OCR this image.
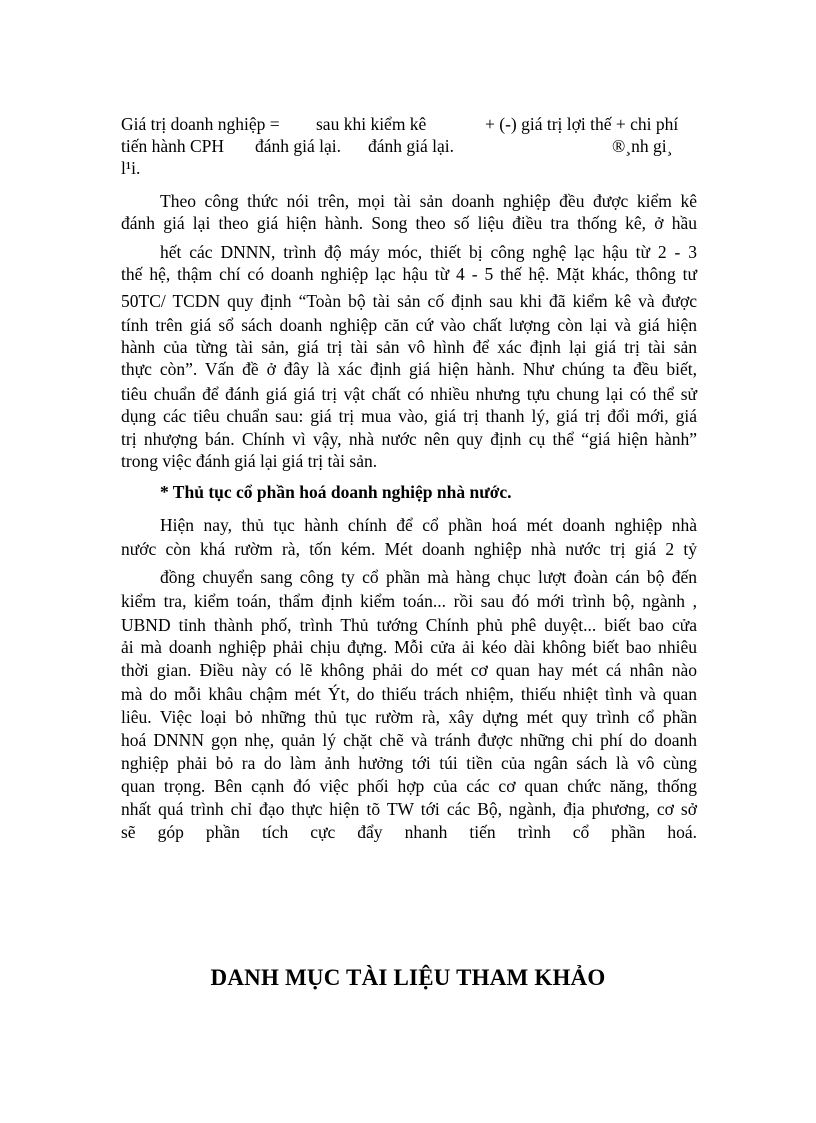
Giá trị doanh nghiệp = sau khi kiểm kê	+ (-) giá trị lợi thế + chi phí
tiến hành CPH đánh giá lại. đánh giá lại.	®¸nh gi¸
l¹i.
Theo công thức nói trên, mọi tài sản doanh nghiệp đều được kiểm kê
đánh giá lại theo giá hiện hành. Song theo số liệu điều tra thống kê, ở hầu
hết các DNNN, trình độ máy móc, thiết bị công nghệ lạc hậu từ 2 - 3
thế hệ, thậm chí có doanh nghiệp lạc hậu từ 4 - 5 thế hệ. Mặt khác, thông tư
50TC/ TCDN quy định “Toàn bộ tài sản cố định sau khi đã kiểm kê và được
tính trên giá sổ sách doanh nghiệp căn cứ vào chất lượng còn lại và giá hiện
hành của từng tài sản, giá trị tài sản vô hình để xác định lại giá trị tài sản
thực còn”. Vấn đề ở đây là xác định giá hiện hành. Như chúng ta đều biết,
tiêu chuẩn để đánh giá giá trị vật chất có nhiều nhưng tựu chung lại có thể sử
dụng các tiêu chuẩn sau: giá trị mua vào, giá trị thanh lý, giá trị đổi mới, giá
trị nhượng bán. Chính vì vậy, nhà nước nên quy định cụ thể “giá hiện hành”
trong việc đánh giá lại giá trị tài sản.
* Thủ tục cổ phần hoá doanh nghiệp nhà nước.
Hiện nay, thủ tục hành chính để cổ phần hoá mét doanh nghiệp nhà
nước còn khá rườm rà, tốn kém. Mét doanh nghiệp nhà nước trị giá 2 tỷ
đồng chuyển sang công ty cổ phần mà hàng chục lượt đoàn cán bộ đến
kiểm tra, kiểm toán, thẩm định kiểm toán... rồi sau đó mới trình bộ, ngành ,
UBND tỉnh thành phố, trình Thủ tướng Chính phủ phê duyệt... biết bao cửa
ải mà doanh nghiệp phải chịu đựng. Mỗi cửa ải kéo dài không biết bao nhiêu
thời gian. Điều này có lẽ không phải do mét cơ quan hay mét cá nhân nào
mà do mỗi khâu chậm mét Ýt, do thiếu trách nhiệm, thiếu nhiệt tình và quan
liêu. Việc loại bỏ những thủ tục rườm rà, xây dựng mét quy trình cổ phần
hoá DNNN gọn nhẹ, quản lý chặt chẽ và tránh được những chi phí do doanh
nghiệp phải bỏ ra do làm ảnh hưởng tới túi tiền của ngân sách là vô cùng
quan trọng. Bên cạnh đó việc phối hợp của các cơ quan chức năng, thống
nhất quá trình chỉ đạo thực hiện tõ TW tới các Bộ, ngành, địa phương, cơ sở
sẽ góp phần tích cực đẩy nhanh tiến trình cổ phần hoá.
DANH MỤC TÀI LIỆU THAM KHẢO
